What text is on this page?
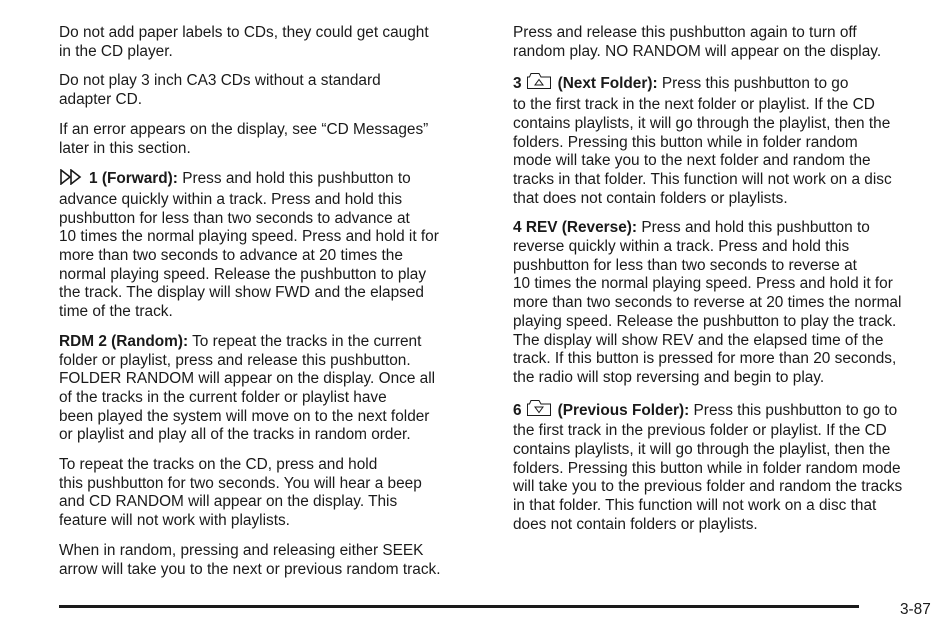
Do not add paper labels to CDs, they could get caught
in the CD player.

Do not play 3 inch CA3 CDs without a standard
adapter CD.

If an error appears on the display, see “CD Messages”
later in this section.

1 (Forward): Press and hold this pushbutton to
advance quickly within a track. Press and hold this
pushbutton for less than two seconds to advance at
10 times the normal playing speed. Press and hold it for
more than two seconds to advance at 20 times the
normal playing speed. Release the pushbutton to play
the track. The display will show FWD and the elapsed
time of the track.

RDM 2 (Random): To repeat the tracks in the current
folder or playlist, press and release this pushbutton.
FOLDER RANDOM will appear on the display. Once all
of the tracks in the current folder or playlist have
been played the system will move on to the next folder
or playlist and play all of the tracks in random order.

To repeat the tracks on the CD, press and hold
this pushbutton for two seconds. You will hear a beep
and CD RANDOM will appear on the display. This
feature will not work with playlists.

When in random, pressing and releasing either SEEK
arrow will take you to the next or previous random track.

Press and release this pushbutton again to turn off
random play. NO RANDOM will appear on the display.

3 (Next Folder): Press this pushbutton to go
to the first track in the next folder or playlist. If the CD
contains playlists, it will go through the playlist, then the
folders. Pressing this button while in folder random
mode will take you to the next folder and random the
tracks in that folder. This function will not work on a disc
that does not contain folders or playlists.

4 REV (Reverse): Press and hold this pushbutton to
reverse quickly within a track. Press and hold this
pushbutton for less than two seconds to reverse at
10 times the normal playing speed. Press and hold it for
more than two seconds to reverse at 20 times the normal
playing speed. Release the pushbutton to play the track.
The display will show REV and the elapsed time of the
track. If this button is pressed for more than 20 seconds,
the radio will stop reversing and begin to play.

6 (Previous Folder): Press this pushbutton to go to
the first track in the previous folder or playlist. If the CD
contains playlists, it will go through the playlist, then the
folders. Pressing this button while in folder random mode
will take you to the previous folder and random the tracks
in that folder. This function will not work on a disc that
does not contain folders or playlists.

3-87
